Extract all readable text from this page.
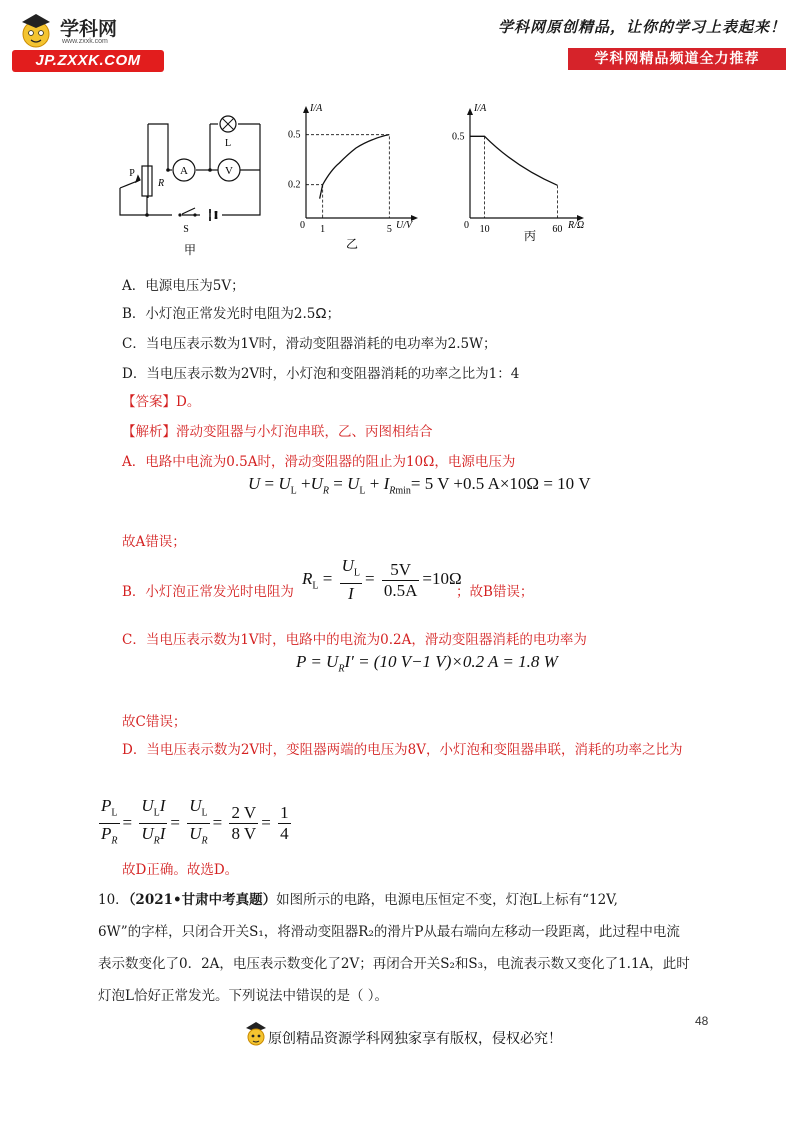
学科网
www.zxxk.com
JP.ZXXK.COM
学科网原创精品，让你的学习上表起来！
学科网精品频道全力推荐
A	V
L
P
R
S
甲
0.2
0.5
1	5
I/A
U/V
0
乙
0.5
10	60
I/A
R/Ω
0
丙
A．电源电压为5V；
B．小灯泡正常发光时电阻为2.5Ω；
C．当电压表示数为1V时，滑动变阻器消耗的电功率为2.5W；
D．当电压表示数为2V时，小灯泡和变阻器消耗的功率之比为1：4
【答案】D。
【解析】滑动变阻器与小灯泡串联，乙、丙图相结合
A．电路中电流为0.5A时，滑动变阻器的阻止为10Ω，电源电压为
$U = U_L +U_R = U_L + I_{Rmin}= 5$ V +0.5 A×10Ω = 10 V
故A错误；
B．小灯泡正常发光时电阻为
$R_L = \frac{U_L}{I} = \frac{5V}{0.5A} =10\Omega$
；故B错误；
C．当电压表示数为1V时，电路中的电流为0.2A，滑动变阻器消耗的电功率为
$P = U_RI' = (10$ V−1 V)×0.2 A = 1.8 W
故C错误；
D．当电压表示数为2V时，变阻器两端的电压为8V，小灯泡和变阻器串联，消耗的功率之比为
$\frac{P_L}{P_R} = \frac{U_LI}{U_RI} = \frac{U_L}{U_R} = \frac{2 V}{8 V} = \frac{1}{4}$
故D正确。故选D。
10．（2021•甘肃中考真题）如图所示的电路，电源电压恒定不变，灯泡L上标有“12V,
6W”的字样，只闭合开关S₁，将滑动变阻器R₂的滑片P从最右端向左移动一段距离，此过程中电流
表示数变化了0．2A，电压表示数变化了2V；再闭合开关S₂和S₃，电流表示数又变化了1.1A，此时
灯泡L恰好正常发光。下列说法中错误的是（ ）。
原创精品资源学科网独家享有版权，侵权必究！
48
